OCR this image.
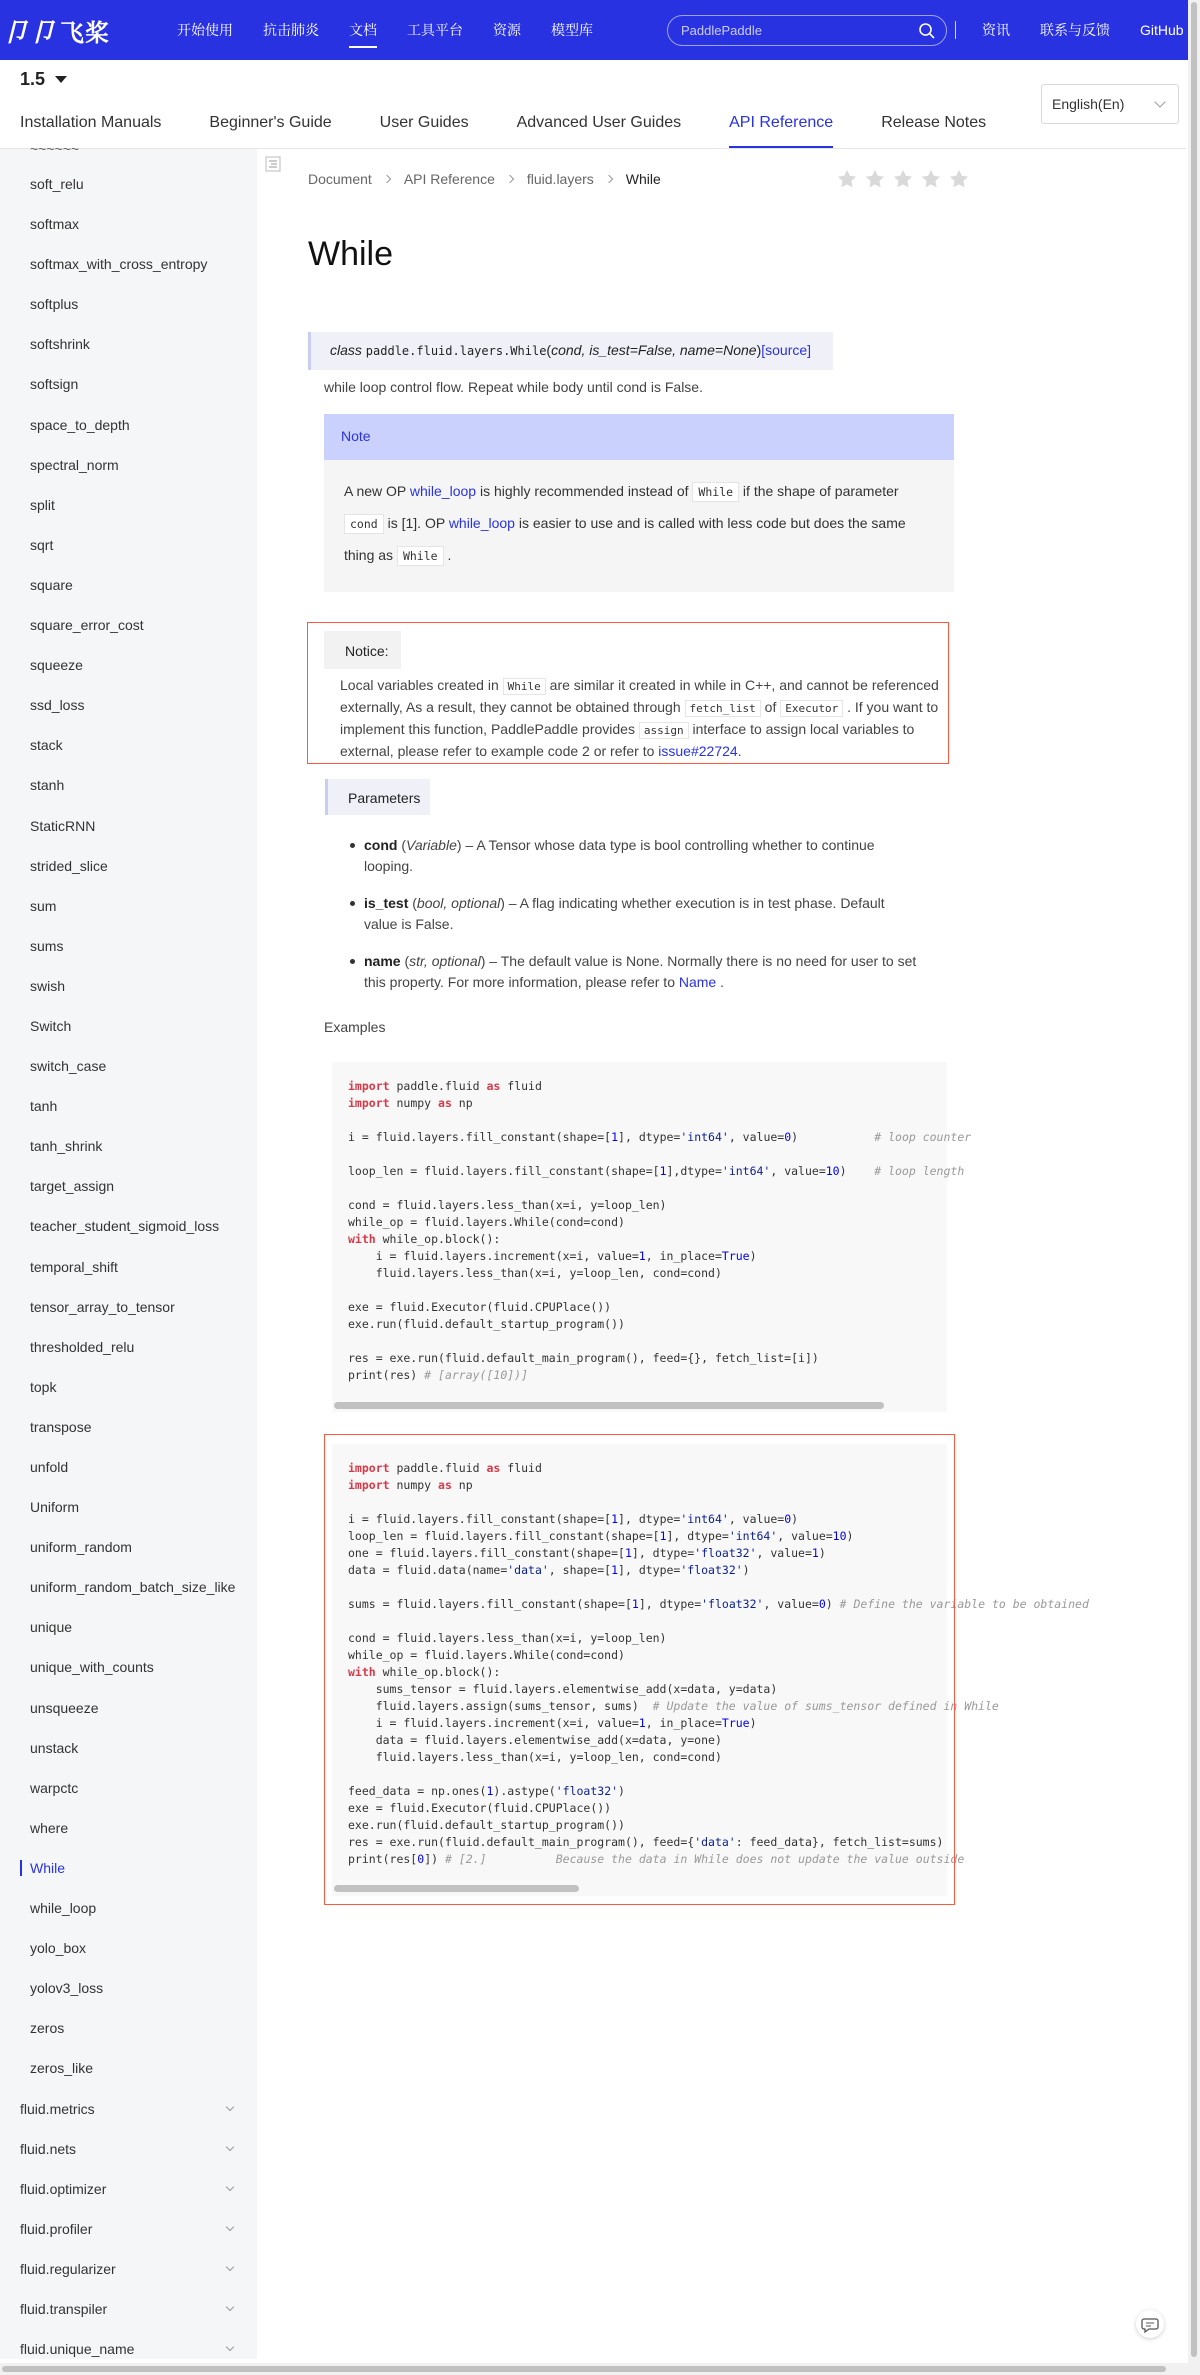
卩卩 飞桨	开始使用 抗击肺炎 文档 工具平台 资源 模型库
PaddlePaddle	资讯 联系与反馈 GitHub
1.5
English(En)
Installation Manuals	Beginner's Guide	User Guides	Advanced User Guides	API Reference	Release Notes
~~~~~~
soft_relu
softmax
softmax_with_cross_entropy
softplus
softshrink
softsign
space_to_depth
spectral_norm
split
sqrt
square
square_error_cost
squeeze
ssd_loss
stack
stanh
StaticRNN
strided_slice
sum
sums
swish
Switch
switch_case
tanh
tanh_shrink
target_assign
teacher_student_sigmoid_loss
temporal_shift
tensor_array_to_tensor
thresholded_relu
topk
transpose
unfold
Uniform
uniform_random
uniform_random_batch_size_like
unique
unique_with_counts
unsqueeze
unstack
warpctc
where
While
while_loop
yolo_box
yolov3_loss
zeros
zeros_like
fluid.metrics
fluid.nets
fluid.optimizer
fluid.profiler
fluid.regularizer
fluid.transpiler
fluid.unique_name
Document API Reference fluid.layers While
While
class paddle.fluid.layers.While(cond, is_test=False, name=None)[source]
while loop control flow. Repeat while body until cond is False.
Note
A new OP while_loop is highly recommended instead of While if the shape of parameter cond is [1]. OP while_loop is easier to use and is called with less code but does the same thing as While .
Notice:
Local variables created in While are similar it created in while in C++, and cannot be referenced externally, As a result, they cannot be obtained through fetch_list of Executor . If you want to implement this function, PaddlePaddle provides assign interface to assign local variables to external, please refer to example code 2 or refer to issue#22724.
Parameters
cond (Variable) – A Tensor whose data type is bool controlling whether to continue looping.
is_test (bool, optional) – A flag indicating whether execution is in test phase. Default value is False.
name (str, optional) – The default value is None. Normally there is no need for user to set this property. For more information, please refer to Name .
Examples
import paddle.fluid as fluid
import numpy as np

i = fluid.layers.fill_constant(shape=[1], dtype='int64', value=0)           # loop counter

loop_len = fluid.layers.fill_constant(shape=[1],dtype='int64', value=10)    # loop length

cond = fluid.layers.less_than(x=i, y=loop_len)
while_op = fluid.layers.While(cond=cond)
with while_op.block():
i = fluid.layers.increment(x=i, value=1, in_place=True)
fluid.layers.less_than(x=i, y=loop_len, cond=cond)

exe = fluid.Executor(fluid.CPUPlace())
exe.run(fluid.default_startup_program())

res = exe.run(fluid.default_main_program(), feed={}, fetch_list=[i])
print(res) # [array([10])]
import paddle.fluid as fluid
import numpy as np

i = fluid.layers.fill_constant(shape=[1], dtype='int64', value=0)
loop_len = fluid.layers.fill_constant(shape=[1], dtype='int64', value=10)
one = fluid.layers.fill_constant(shape=[1], dtype='float32', value=1)
data = fluid.data(name='data', shape=[1], dtype='float32')

sums = fluid.layers.fill_constant(shape=[1], dtype='float32', value=0) # Define the variable to be obtained

cond = fluid.layers.less_than(x=i, y=loop_len)
while_op = fluid.layers.While(cond=cond)
with while_op.block():
sums_tensor = fluid.layers.elementwise_add(x=data, y=data)
fluid.layers.assign(sums_tensor, sums)  # Update the value of sums_tensor defined in While
i = fluid.layers.increment(x=i, value=1, in_place=True)
data = fluid.layers.elementwise_add(x=data, y=one)
fluid.layers.less_than(x=i, y=loop_len, cond=cond)

feed_data = np.ones(1).astype('float32')
exe = fluid.Executor(fluid.CPUPlace())
exe.run(fluid.default_startup_program())
res = exe.run(fluid.default_main_program(), feed={'data': feed_data}, fetch_list=sums)
print(res[0]) # [2.]          Because the data in While does not update the value outside
